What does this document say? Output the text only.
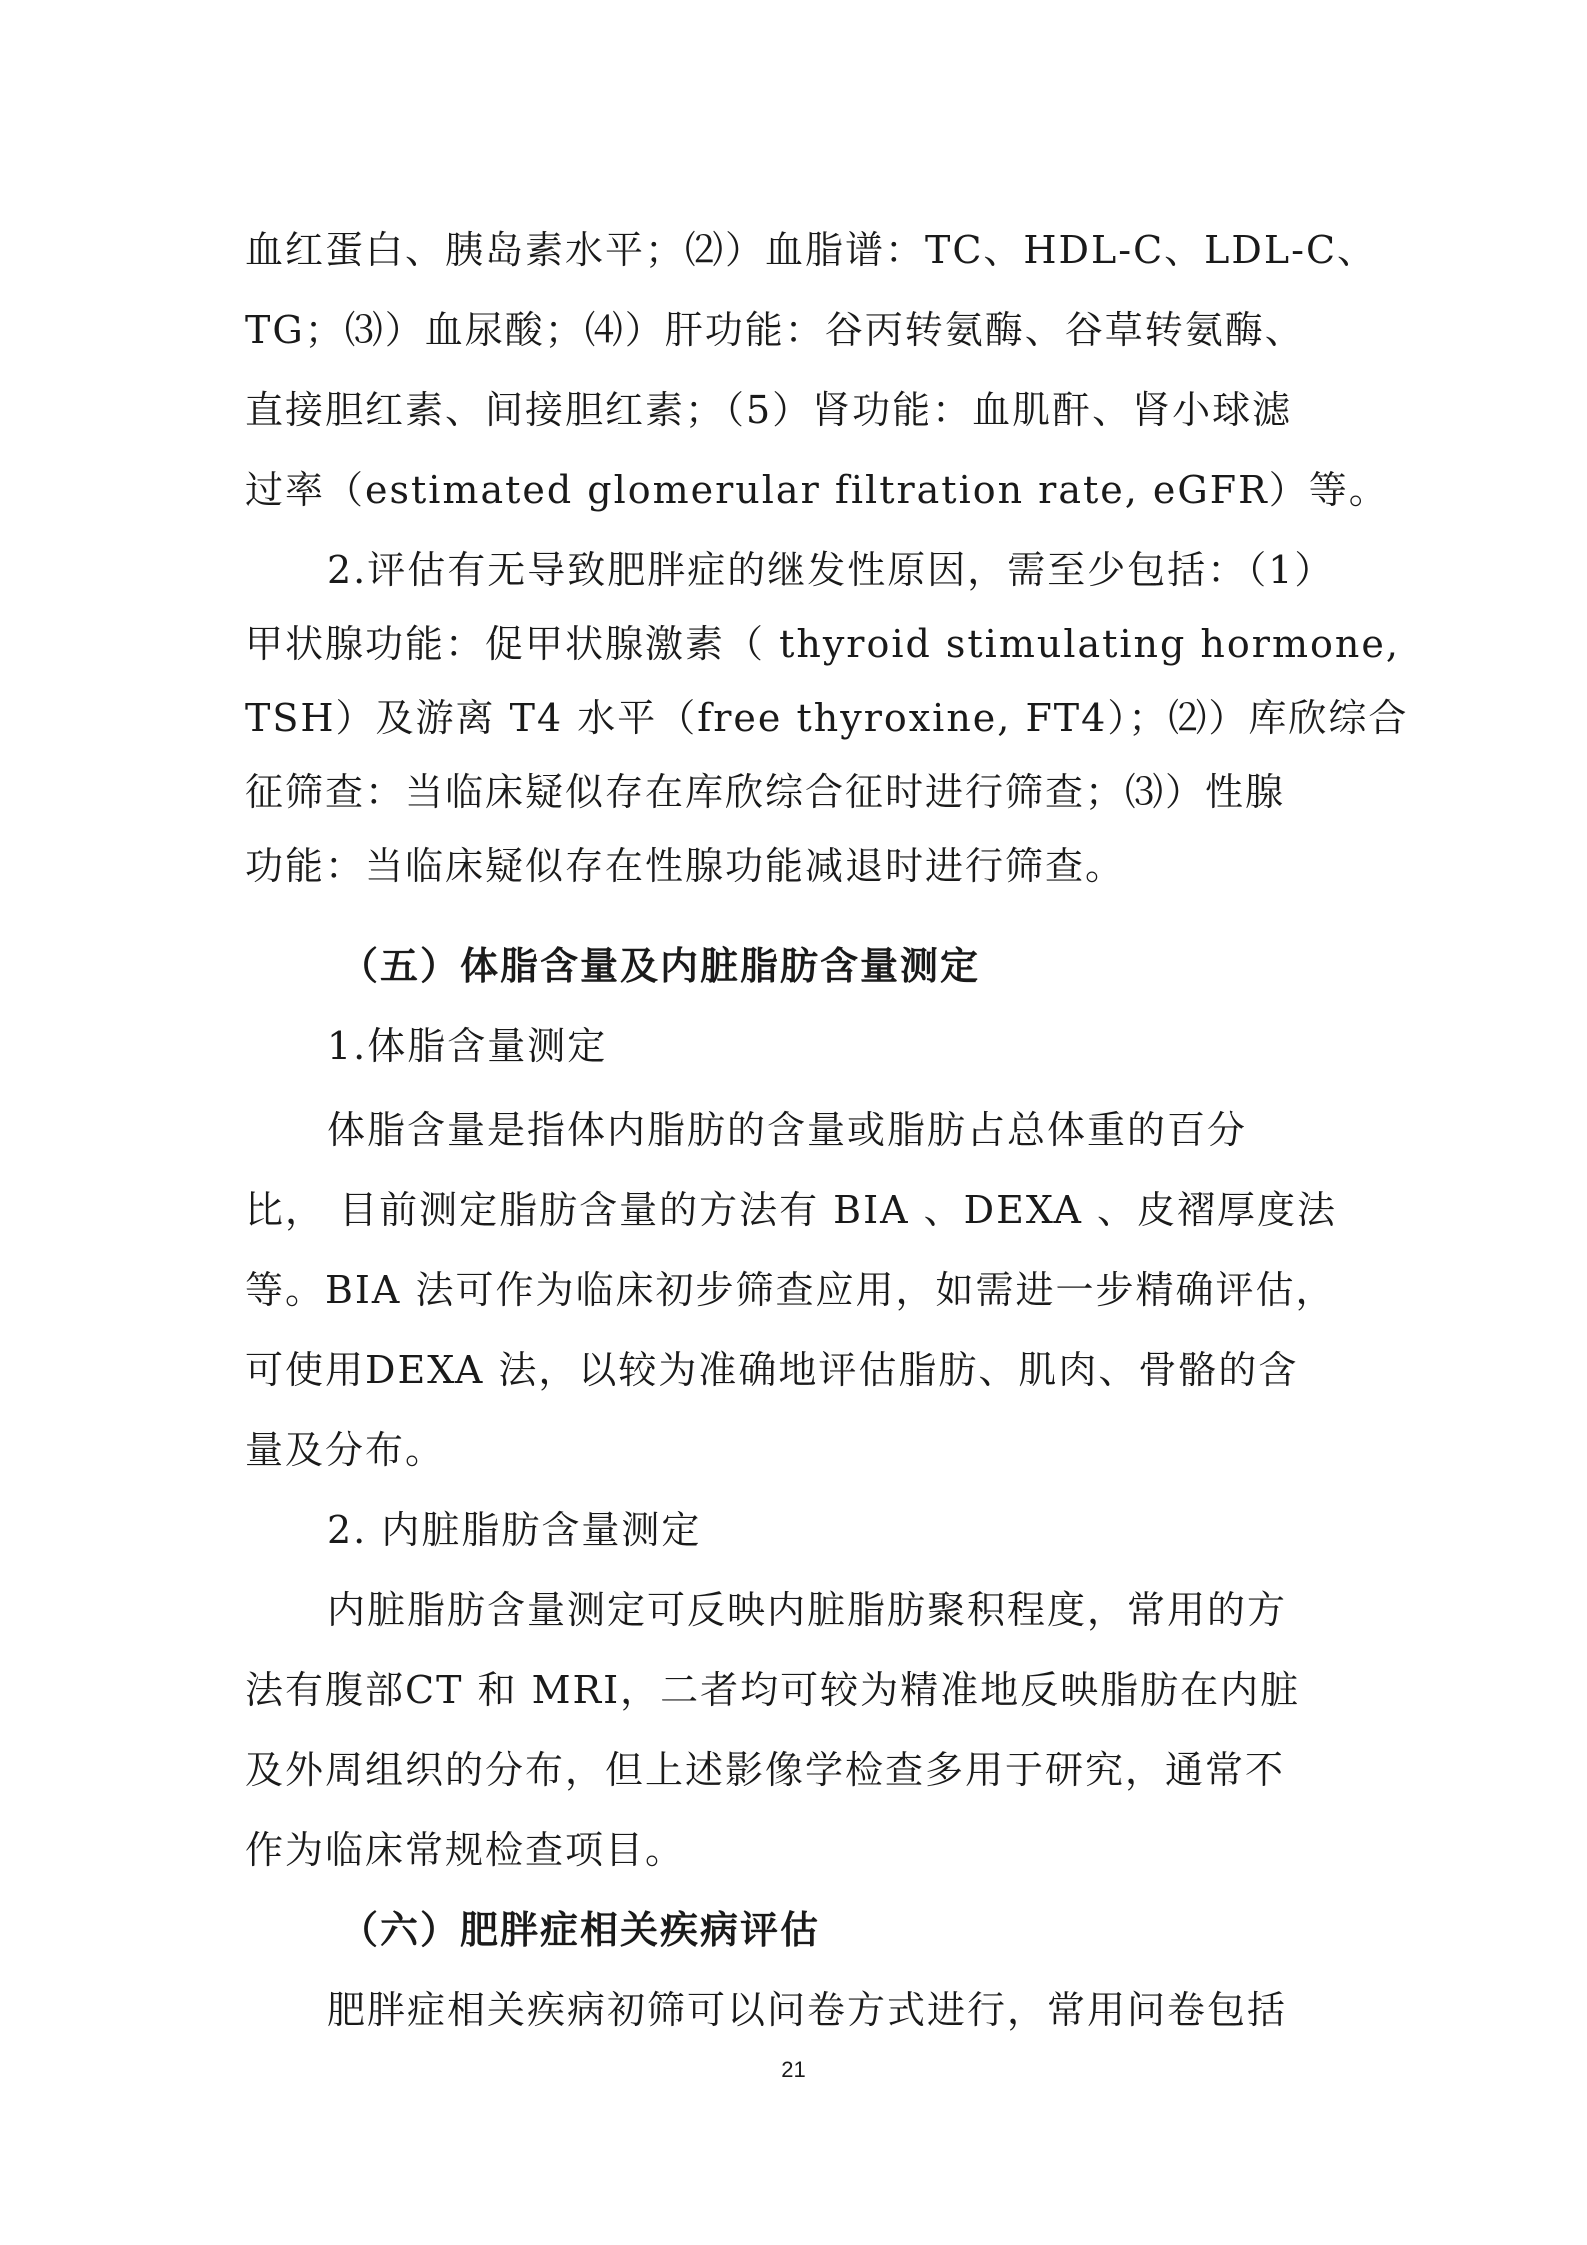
血红蛋白、胰岛素水平；⑵）血脂谱：TC、HDL-C、LDL-C、
TG；⑶）血尿酸；⑷）肝功能：谷丙转氨酶、谷草转氨酶、
直接胆红素、间接胆红素；（5）肾功能：血肌酐、肾小球滤
过率（estimated glomerular filtration rate, eGFR）等。
2.评估有无导致肥胖症的继发性原因，需至少包括：（1）
甲状腺功能：促甲状腺激素（ thyroid stimulating hormone,
TSH）及游离 T4 水平（free thyroxine, FT4）；⑵）库欣综合
征筛查：当临床疑似存在库欣综合征时进行筛查；⑶）性腺
功能：当临床疑似存在性腺功能减退时进行筛查。
（五）体脂含量及内脏脂肪含量测定
1.体脂含量测定
体脂含量是指体内脂肪的含量或脂肪占总体重的百分
比， 目前测定脂肪含量的方法有 BIA 、DEXA 、皮褶厚度法
等。BIA 法可作为临床初步筛查应用，如需进一步精确评估，
可使用DEXA 法，以较为准确地评估脂肪、肌肉、骨骼的含
量及分布。
2. 内脏脂肪含量测定
内脏脂肪含量测定可反映内脏脂肪聚积程度，常用的方
法有腹部CT 和 MRI，二者均可较为精准地反映脂肪在内脏
及外周组织的分布，但上述影像学检查多用于研究，通常不
作为临床常规检查项目。
（六）肥胖症相关疾病评估
肥胖症相关疾病初筛可以问卷方式进行，常用问卷包括
21
